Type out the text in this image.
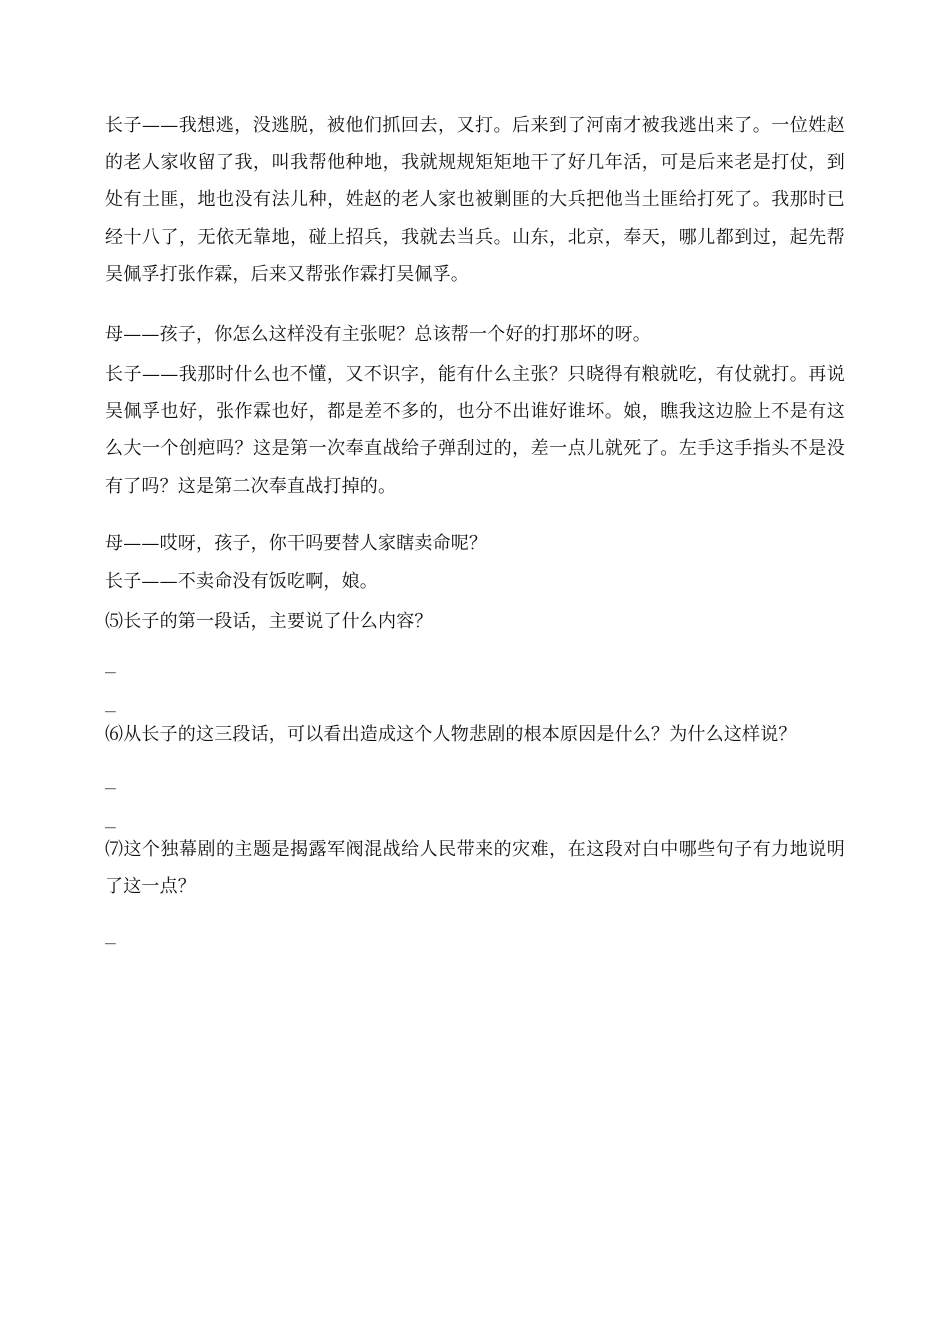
长子——我想逃，没逃脱，被他们抓回去，又打。后来到了河南才被我逃出来了。一位姓赵的老人家收留了我，叫我帮他种地，我就规规矩矩地干了好几年活，可是后来老是打仗，到处有土匪，地也没有法儿种，姓赵的老人家也被剿匪的大兵把他当土匪给打死了。我那时已经十八了，无依无靠地，碰上招兵，我就去当兵。山东，北京，奉天，哪儿都到过，起先帮吴佩孚打张作霖，后来又帮张作霖打吴佩孚。

母——孩子，你怎么这样没有主张呢？总该帮一个好的打那坏的呀。

长子——我那时什么也不懂，又不识字，能有什么主张？只晓得有粮就吃，有仗就打。再说吴佩孚也好，张作霖也好，都是差不多的，也分不出谁好谁坏。娘，瞧我这边脸上不是有这么大一个创疤吗？这是第一次奉直战给子弹刮过的，差一点儿就死了。左手这手指头不是没有了吗？这是第二次奉直战打掉的。

母——哎呀，孩子，你干吗要替人家瞎卖命呢？

长子——不卖命没有饭吃啊，娘。

⑸长子的第一段话，主要说了什么内容？

_
_

⑹从长子的这三段话，可以看出造成这个人物悲剧的根本原因是什么？为什么这样说？

_
_

⑺这个独幕剧的主题是揭露军阀混战给人民带来的灾难，在这段对白中哪些句子有力地说明了这一点？

_
